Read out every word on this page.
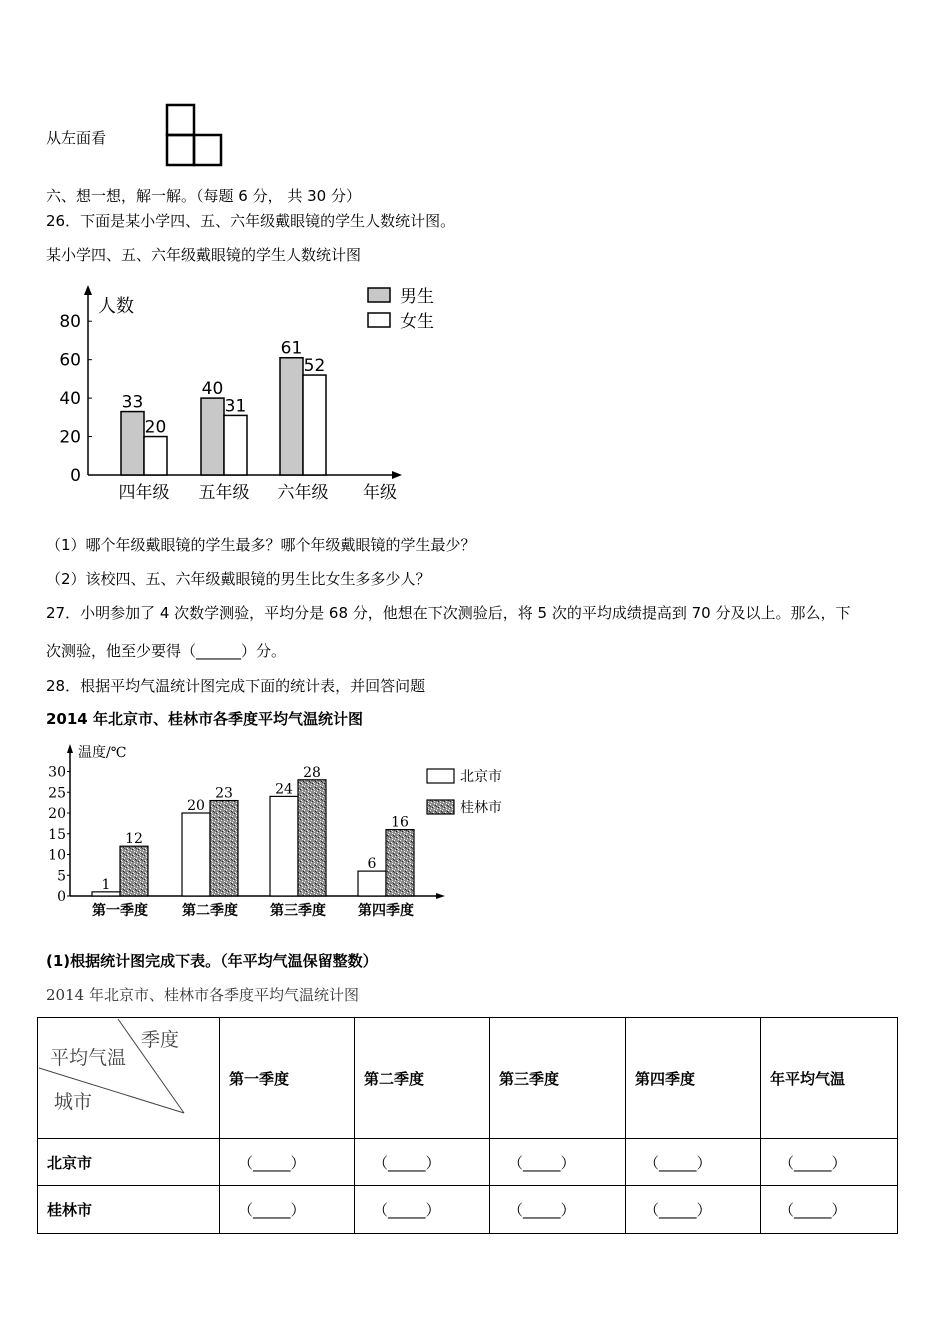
从左面看
六、想一想，解一解。（每题 6 分， 共 30 分）
26．下面是某小学四、五、六年级戴眼镜的学生人数统计图。
某小学四、五、六年级戴眼镜的学生人数统计图
人数
年级
男生
女生
0
20
40
60
80
四年级
33
20
五年级
40
31
六年级
61
52
（1）哪个年级戴眼镜的学生最多？哪个年级戴眼镜的学生最少？
（2）该校四、五、六年级戴眼镜的男生比女生多多少人？
27．小明参加了 4 次数学测验，平均分是 68 分，他想在下次测验后，将 5 次的平均成绩提高到 70 分及以上。那么，下
次测验，他至少要得（______）分。
28．根据平均气温统计图完成下面的统计表，并回答问题
2014 年北京市、桂林市各季度平均气温统计图
温度/℃
北京市
桂林市
0
5
10
15
20
25
30
第一季度
1
12
第二季度
20
23
第三季度
24
28
第四季度
6
16
(1)根据统计图完成下表。（年平均气温保留整数）
2014 年北京市、桂林市各季度平均气温统计图
季度
平均气温
城市	第一季度	第二季度	第三季度	第四季度	年平均气温
北京市	（_____）	（_____）	（_____）	（_____）	（_____）
桂林市	（_____）	（_____）	（_____）	（_____）	（_____）
